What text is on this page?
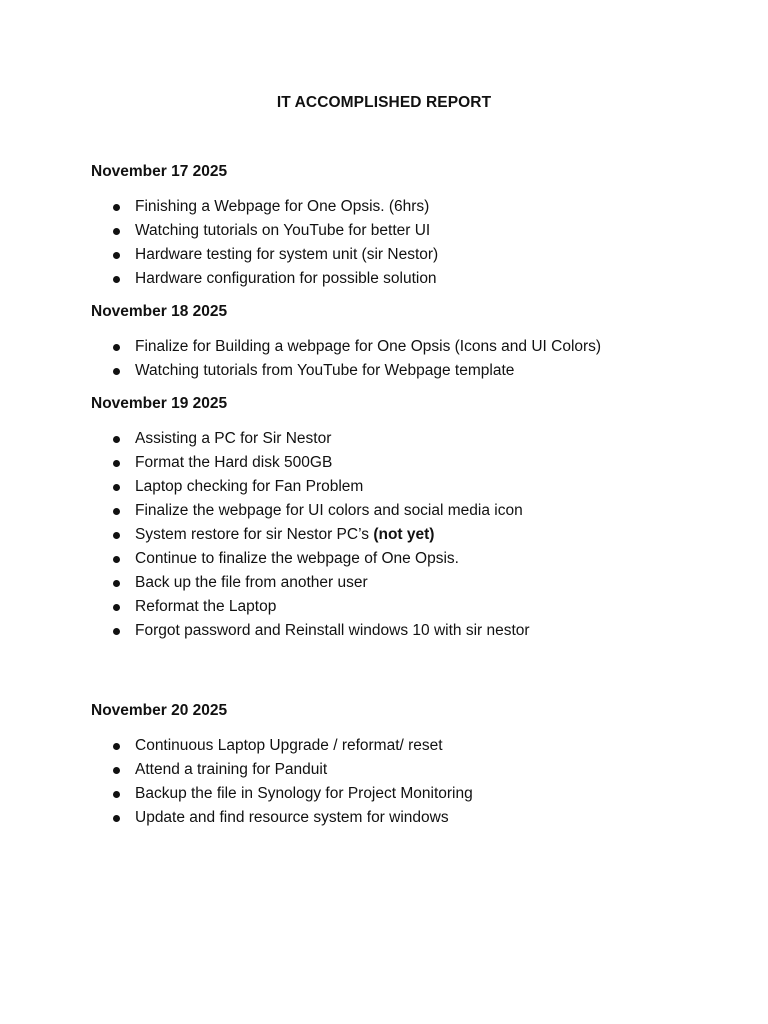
IT ACCOMPLISHED REPORT
November 17 2025
Finishing a Webpage for One Opsis. (6hrs)
Watching tutorials on YouTube for better UI
Hardware testing for system unit (sir Nestor)
Hardware configuration for possible solution
November 18 2025
Finalize for Building a webpage for One Opsis (Icons and UI Colors)
Watching tutorials from YouTube for Webpage template
November 19 2025
Assisting a PC for Sir Nestor
Format the Hard disk 500GB
Laptop checking for Fan Problem
Finalize the webpage for UI colors and social media icon
System restore for sir Nestor PC’s (not yet)
Continue to finalize the webpage of One Opsis.
Back up the file from another user
Reformat the Laptop
Forgot password and Reinstall windows 10 with sir nestor
November 20 2025
Continuous Laptop Upgrade / reformat/ reset
Attend a training for Panduit
Backup the file in Synology for Project Monitoring
Update and find resource system for windows
